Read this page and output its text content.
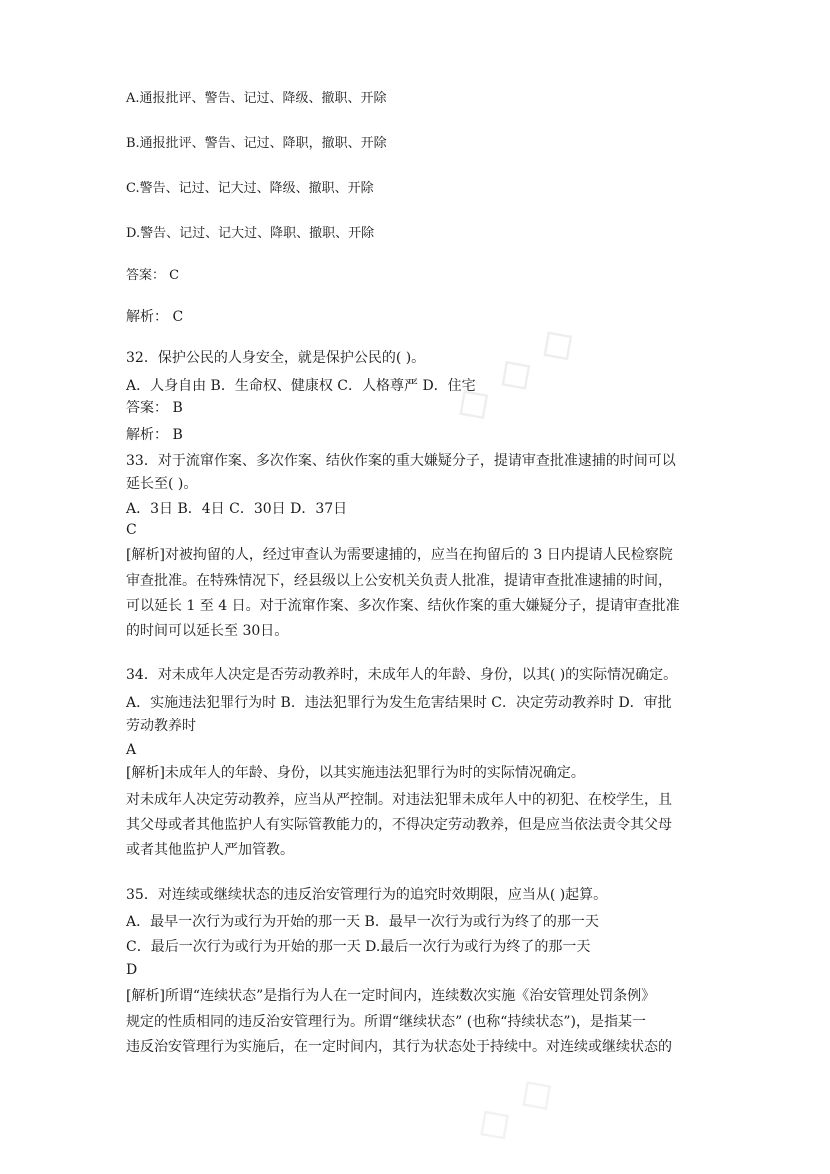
◇ ◇ ◇
◇ ◇
A.通报批评、警告、记过、降级、撤职、开除
B.通报批评、警告、记过、降职，撤职、开除
C.警告、记过、记大过、降级、撤职、开除
D.警告、记过、记大过、降职、撤职、开除
答案： C
解析： C
32．保护公民的人身安全，就是保护公民的( )。
A．人身自由 B．生命权、健康权 C．人格尊严 D．住宅
答案： B
解析： B
33．对于流窜作案、多次作案、结伙作案的重大嫌疑分子，提请审查批准逮捕的时间可以
延长至( )。
A．3日 B．4日 C．30日 D．37日
C
[解析]对被拘留的人，经过审查认为需要逮捕的，应当在拘留后的 3 日内提请人民检察院
审查批准。在特殊情况下，经县级以上公安机关负责人批准，提请审查批准逮捕的时间，
可以延长 1 至 4 日。对于流窜作案、多次作案、结伙作案的重大嫌疑分子，提请审查批准
的时间可以延长至 30日。
34．对未成年人决定是否劳动教养时，未成年人的年龄、身份，以其( )的实际情况确定。
A．实施违法犯罪行为时 B．违法犯罪行为发生危害结果时 C．决定劳动教养时 D．审批
劳动教养时
A
[解析]未成年人的年龄、身份，以其实施违法犯罪行为时的实际情况确定。
对未成年人决定劳动教养，应当从严控制。对违法犯罪未成年人中的初犯、在校学生，且
其父母或者其他监护人有实际管教能力的，不得决定劳动教养，但是应当依法责令其父母
或者其他监护人严加管教。
35．对连续或继续状态的违反治安管理行为的追究时效期限，应当从( )起算。
A．最早一次行为或行为开始的那一天 B．最早一次行为或行为终了的那一天
C．最后一次行为或行为开始的那一天 D.最后一次行为或行为终了的那一天
D
[解析]所谓“连续状态”是指行为人在一定时间内，连续数次实施《治安管理处罚条例》
规定的性质相同的违反治安管理行为。所谓“继续状态” (也称“持续状态”)，是指某一
违反治安管理行为实施后，在一定时间内，其行为状态处于持续中。对连续或继续状态的
